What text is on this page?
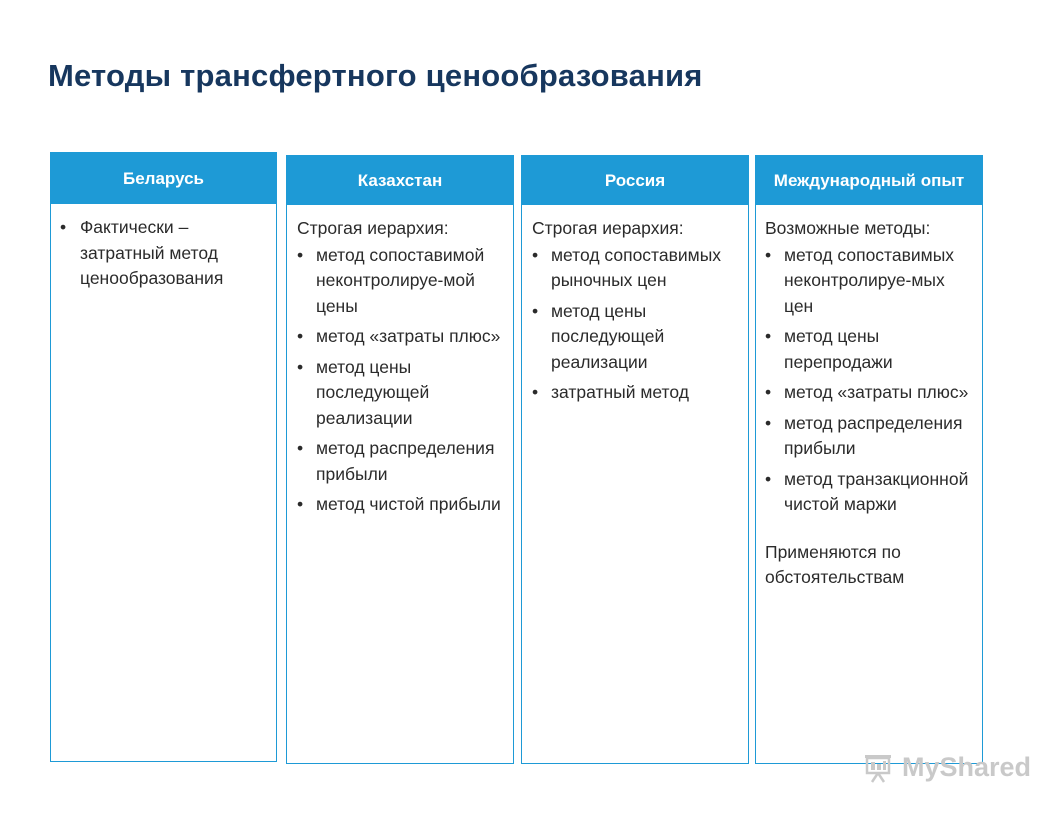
Методы трансфертного ценообразования
Беларусь
• Фактически – затратный метод ценообразования
Казахстан
Строгая иерархия:
• метод сопоставимой неконтролируе-мой цены
• метод «затраты плюс»
• метод цены последующей реализации
• метод распределения прибыли
• метод чистой прибыли
Россия
Строгая иерархия:
• метод сопоставимых рыночных цен
• метод цены последующей реализации
• затратный метод
Международный опыт
Возможные методы:
• метод сопоставимых неконтролируе-мых цен
• метод цены перепродажи
• метод «затраты плюс»
• метод распределения прибыли
• метод транзакционной чистой маржи
Применяются по обстоятельствам
MyShared
